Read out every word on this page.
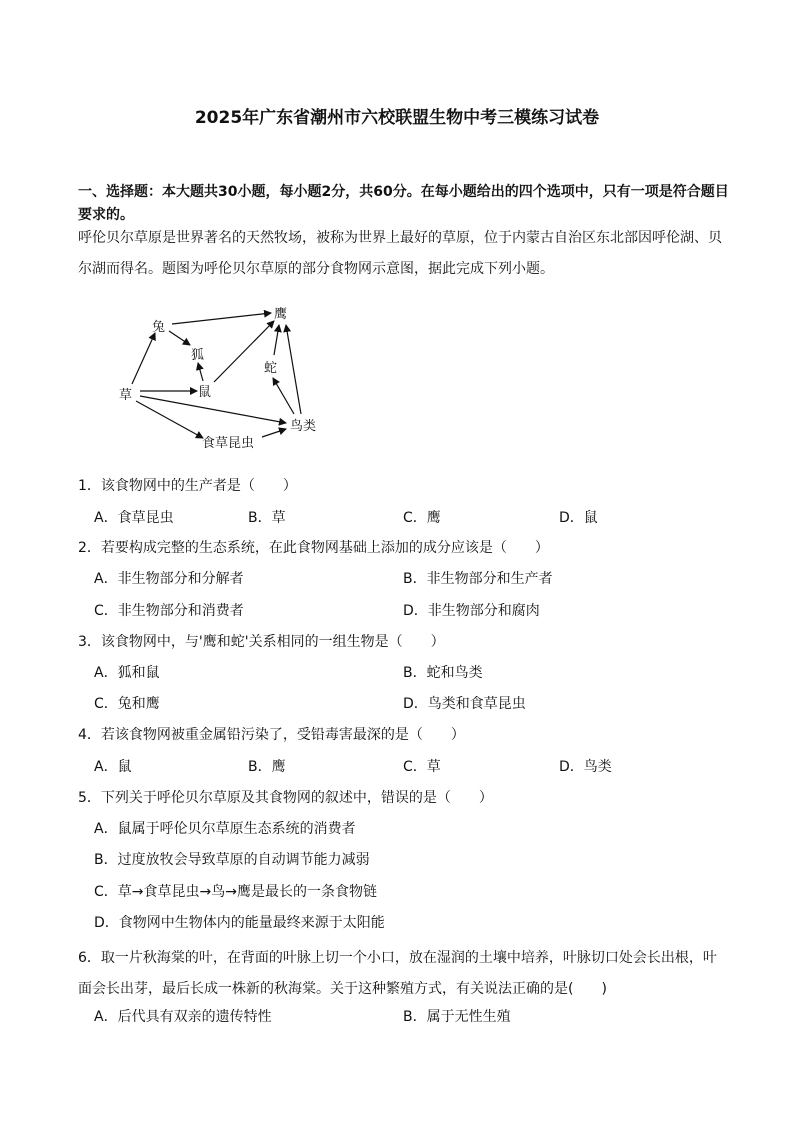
2025年广东省潮州市六校联盟生物中考三模练习试卷
一、选择题：本大题共30小题，每小题2分，共60分。在每小题给出的四个选项中，只有一项是符合题目要求的。
呼伦贝尔草原是世界著名的天然牧场，被称为世界上最好的草原，位于内蒙古自治区东北部因呼伦湖、贝尔湖而得名。题图为呼伦贝尔草原的部分食物网示意图，据此完成下列小题。
兔
鹰
狐
蛇
草	鼠
鸟类
食草昆虫
1．该食物网中的生产者是（　　）
A．食草昆虫	B．草	C．鹰	D．鼠
2．若要构成完整的生态系统，在此食物网基础上添加的成分应该是（　　）
A．非生物部分和分解者	B．非生物部分和生产者
C．非生物部分和消费者	D．非生物部分和腐肉
3．该食物网中，与'鹰和蛇'关系相同的一组生物是（　　）
A．狐和鼠	B．蛇和鸟类
C．兔和鹰	D．鸟类和食草昆虫
4．若该食物网被重金属铅污染了，受铅毒害最深的是（　　）
A．鼠	B．鹰	C．草	D．鸟类
5．下列关于呼伦贝尔草原及其食物网的叙述中，错误的是（　　）
A．鼠属于呼伦贝尔草原生态系统的消费者
B．过度放牧会导致草原的自动调节能力减弱
C．草→食草昆虫→鸟→鹰是最长的一条食物链
D．食物网中生物体内的能量最终来源于太阳能
6．取一片秋海棠的叶，在背面的叶脉上切一个小口，放在湿润的土壤中培养，叶脉切口处会长出根，叶面会长出芽，最后长成一株新的秋海棠。关于这种繁殖方式，有关说法正确的是(　　)
A．后代具有双亲的遗传特性	B．属于无性生殖
